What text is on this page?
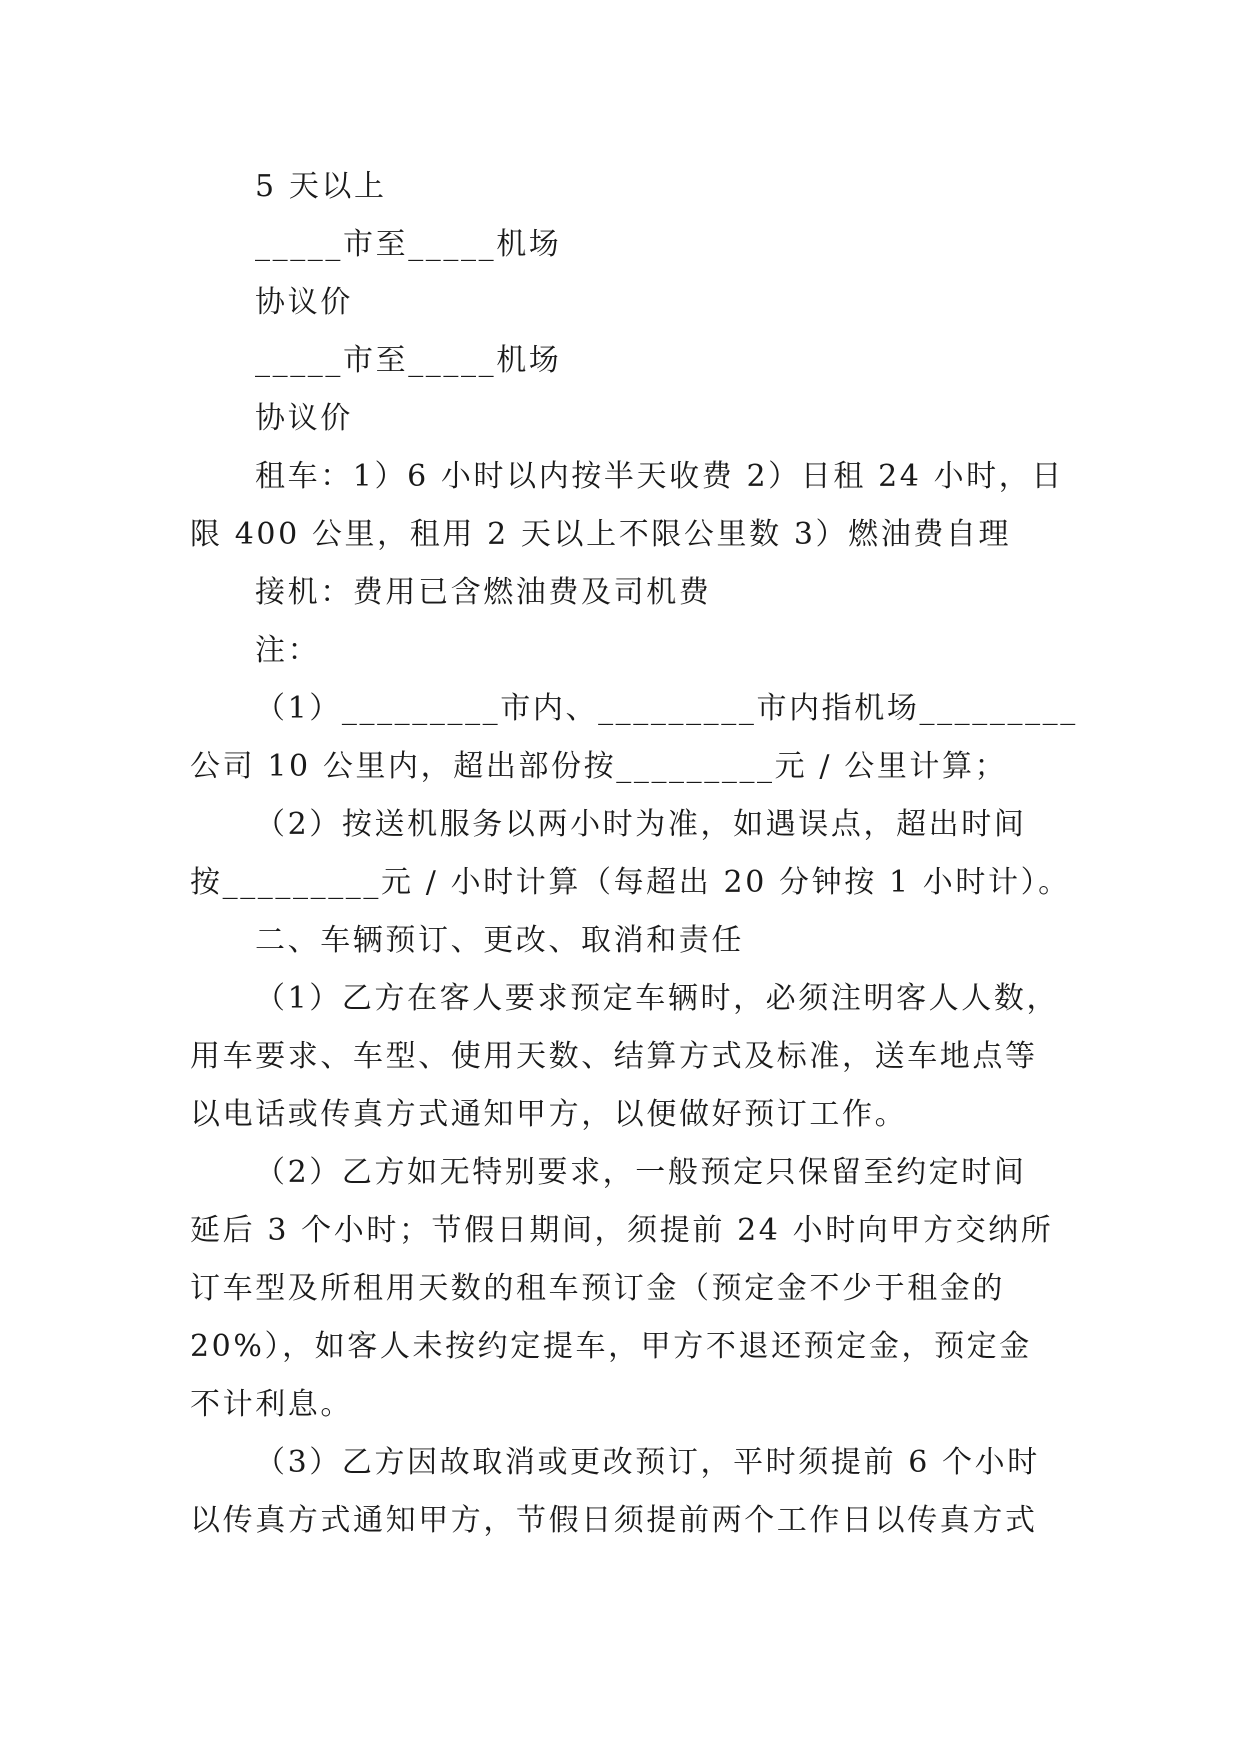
5 天以上
_____市至_____机场
协议价
_____市至_____机场
协议价
租车：1）6 小时以内按半天收费 2）日租 24 小时，日
限 400 公里，租用 2 天以上不限公里数 3）燃油费自理
接机：费用已含燃油费及司机费
注：
（1）_________市内、_________市内指机场_________
公司 10 公里内，超出部份按_________元 / 公里计算；
（2）按送机服务以两小时为准，如遇误点，超出时间
按_________元 / 小时计算（每超出 20 分钟按 1 小时计）。
二、车辆预订、更改、取消和责任
（1）乙方在客人要求预定车辆时，必须注明客人人数，
用车要求、车型、使用天数、结算方式及标准，送车地点等
以电话或传真方式通知甲方，以便做好预订工作。
（2）乙方如无特别要求，一般预定只保留至约定时间
延后 3 个小时；节假日期间，须提前 24 小时向甲方交纳所
订车型及所租用天数的租车预订金（预定金不少于租金的
20%），如客人未按约定提车，甲方不退还预定金，预定金
不计利息。
（3）乙方因故取消或更改预订，平时须提前 6 个小时
以传真方式通知甲方，节假日须提前两个工作日以传真方式
